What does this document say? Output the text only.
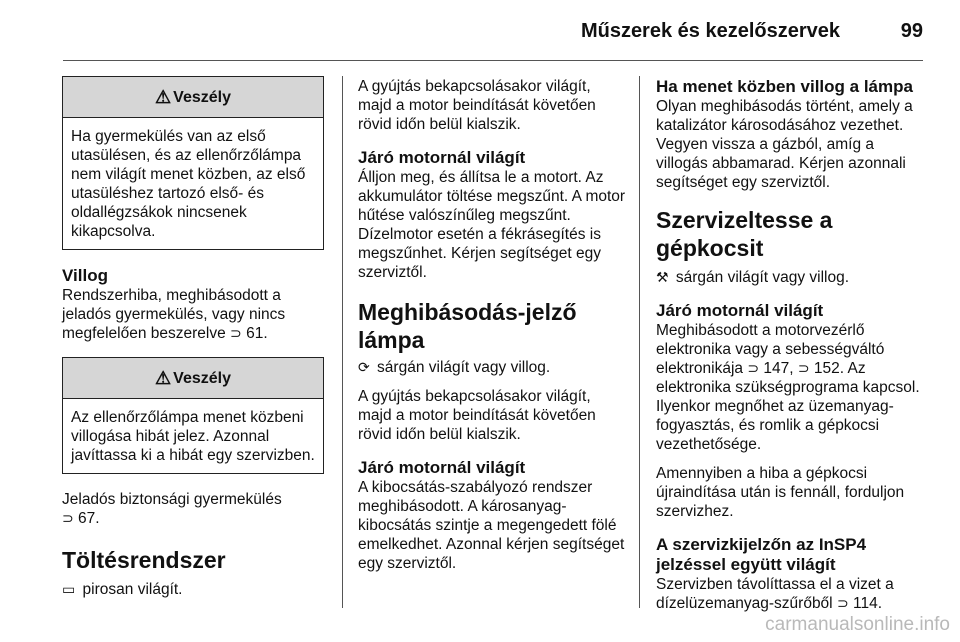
Műszerek és kezelőszervek	99
⚠ Veszély
Ha gyermekülés van az első utasülésen, és az ellenőrzőlámpa nem világít menet közben, az első utasüléshez tartozó első- és oldallégzsákok nincsenek kikapcsolva.
Villog

Rendszerhiba, meghibásodott a jeladós gyermekülés, vagy nincs megfelelően beszerelve ⊃ 61.

⚠ Veszély
Az ellenőrzőlámpa menet közbeni villogása hibát jelez. Azonnal javíttassa ki a hibát egy szervizben.

Jeladós biztonsági gyermekülés
⊃ 67.

Töltésrendszer

▭ pirosan világít.

A gyújtás bekapcsolásakor világít, majd a motor beindítását követően rövid időn belül kialszik.

Járó motornál világít

Álljon meg, és állítsa le a motort. Az akkumulátor töltése megszűnt. A motor hűtése valószínűleg megszűnt. Dízelmotor esetén a fékrásegítés is megszűnhet. Kérjen segítséget egy szerviztől.

Meghibásodás-jelző lámpa

⟳ sárgán világít vagy villog.

A gyújtás bekapcsolásakor világít, majd a motor beindítását követően rövid időn belül kialszik.

Járó motornál világít

A kibocsátás-szabályozó rendszer meghibásodott. A károsanyag-kibocsátás szintje a megengedett fölé emelkedhet. Azonnal kérjen segítséget egy szerviztől.

Ha menet közben villog a lámpa

Olyan meghibásodás történt, amely a katalizátor károsodásához vezethet. Vegyen vissza a gázból, amíg a villogás abbamarad. Kérjen azonnali segítséget egy szerviztől.

Szervizeltesse a gépkocsit

⚒ sárgán világít vagy villog.

Járó motornál világít

Meghibásodott a motorvezérlő elektronika vagy a sebességváltó elektronikája ⊃ 147, ⊃ 152. Az elektronika szükségprograma kapcsol. Ilyenkor megnőhet az üzemanyag-fogyasztás, és romlik a gépkocsi vezethetősége.

Amennyiben a hiba a gépkocsi újraindítása után is fennáll, forduljon szervizhez.

A szervizkijelzőn az InSP4 jelzéssel együtt világít

Szervizben távolíttassa el a vizet a dízelüzemanyag-szűrőből ⊃ 114.

carmanualsonline.info
